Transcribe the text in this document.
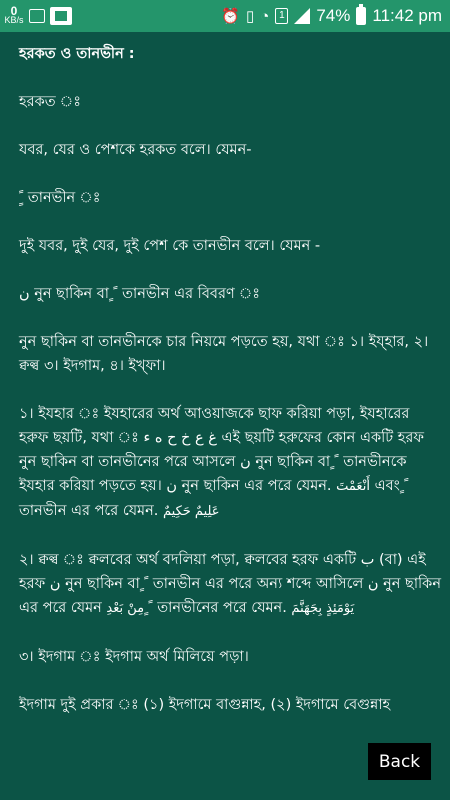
0
KB/s	⏰ ▯ ◔ 1 74% 11:42 pm

হরকত ও তানভীন :

হরকত ঃ

যবর, যের ও পেশকে হরকত বলে। যেমন-

ٍ ً তানভীন ঃ

দুই যবর, দুই যের, দুই পেশ কে তানভীন বলে। যেমন -

ن নুন ছাকিন বা ٍ ً তানভীন এর বিবরণ ঃ

নুন ছাকিন বা তানভীনকে চার নিয়মে পড়তে হয়, যথা ঃ ১। ইয্হার, ২। ক্বল্ব ৩। ইদগাম, ৪। ইখ্‌ফা।

১। ইযহার ঃ ইযহারের অর্থ আওয়াজকে ছাফ করিয়া পড়া, ইযহারের হরুফ ছয়টি, যথা ঃ غ ع خ ح ه ء এই ছয়টি হরুফের কোন একটি হরফ নুন ছাকিন বা তানভীনের পরে আসলে ن নুন ছাকিন বা ٍ ً তানভীনকে ইযহার করিয়া পড়তে হয়। ن নুন ছাকিন এর পরে যেমন. أَنْعَمْتَ এবং ٍ ً তানভীন এর পরে যেমন. عَلِيمٌ حَكِيمٌ

২। ক্বল্ব ঃ ক্বলবের অর্থ বদলিয়া পড়া, ক্বলবের হরফ একটি ب (বা) এই হরফ ن নুন ছাকিন বা ٍ ً তানভীন এর পরে অন্য শব্দে আসিলে ن নুন ছাকিন এর পরে যেমন مِنْ بَعْدِ ٍ ً তানভীনের পরে যেমন. يَوْمَئِذٍ بِجَهَنَّمَ

৩। ইদগাম ঃ ইদগাম অর্থ মিলিয়ে পড়া।

ইদগাম দুই প্রকার ঃ (১) ইদগামে বাগুন্নাহ, (২) ইদগামে বেগুন্নাহ

Back
